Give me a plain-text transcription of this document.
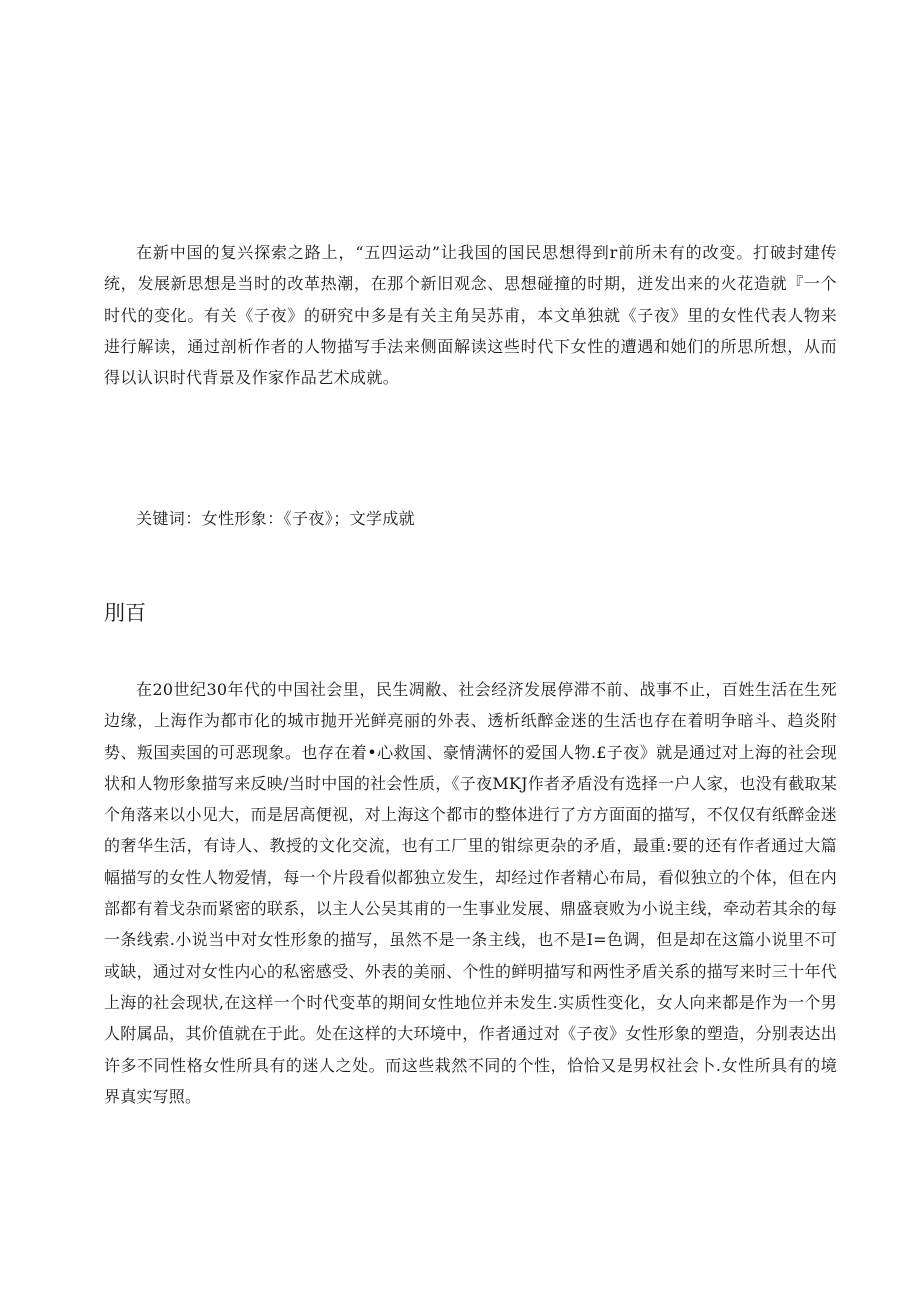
在新中国的复兴探索之路上，“五四运动”让我国的国民思想得到r前所未有的改变。打破封建传统，发展新思想是当时的改革热潮，在那个新旧观念、思想碰撞的时期，迸发出来的火花造就『一个时代的变化。有关《子夜》的研究中多是有关主角吴苏甫，本文单独就《子夜》里的女性代表人物来进行解读，通过剖析作者的人物描写手法来侧面解读这些时代下女性的遭遇和她们的所思所想，从而得以认识时代背景及作家作品艺术成就。

关键词：女性形象：《子夜》；文学成就

刖百

在20世纪30年代的中国社会里，民生凋敝、社会经济发展停滞不前、战事不止，百姓生活在生死边缘，上海作为都市化的城市抛开光鲜亮丽的外表、透析纸醉金迷的生活也存在着明争暗斗、趋炎附势、叛国卖国的可恶现象。也存在着•心救国、豪情满怀的爱国人物.£子夜》就是通过对上海的社会现状和人物形象描写来反映/当时中国的社会性质，《子夜MKJ作者矛盾没有选择一户人家，也没有截取某个角落来以小见大，而是居高便视，对上海这个都市的整体进行了方方面面的描写，不仅仅有纸醉金迷的奢华生活，有诗人、教授的文化交流，也有工厂里的钳综更杂的矛盾，最重:要的还有作者通过大篇幅描写的女性人物爱情，每一个片段看似都独立发生，却经过作者精心布局，看似独立的个体，但在内部都有着戈杂而紧密的联系，以主人公吴其甫的一生事业发展、鼎盛衰败为小说主线，牵动若其余的每一条线索.小说当中对女性形象的描写，虽然不是一条主线，也不是I=色调，但是却在这篇小说里不可或缺，通过对女性内心的私密感受、外表的美丽、个性的鲜明描写和两性矛盾关系的描写来时三十年代上海的社会现状,在这样一个时代变革的期间女性地位并未发生.实质性变化，女人向来都是作为一个男人附属品，其价值就在于此。处在这样的大环境中，作者通过对《子夜》女性形象的塑造，分别表达出许多不同性格女性所具有的迷人之处。而这些栽然不同的个性，恰恰又是男权社会卜.女性所具有的境界真实写照。
